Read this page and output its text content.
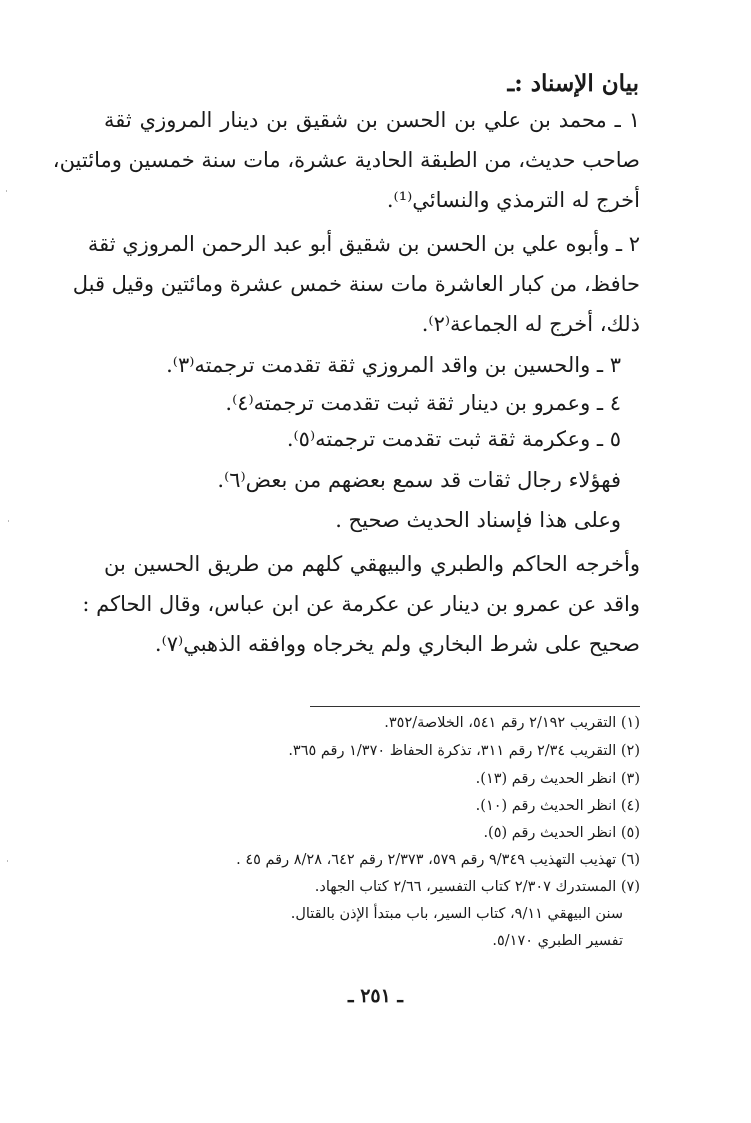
بيان الإسناد :ـ
١ ـ محمد بن علي بن الحسن بن شقيق بن دينار المروزي ثقة
صاحب حديث، من الطبقة الحادية عشرة، مات سنة خمسين ومائتين،
أخرج له الترمذي والنسائي⁽¹⁾.
٢ ـ وأبوه علي بن الحسن بن شقيق أبو عبد الرحمن المروزي ثقة
حافظ، من كبار العاشرة مات سنة خمس عشرة ومائتين وقيل قبل
ذلك، أخرج له الجماعة⁽٢⁾.
٣ ـ والحسين بن واقد المروزي ثقة تقدمت ترجمته⁽٣⁾.
٤ ـ وعمرو بن دينار ثقة ثبت تقدمت ترجمته⁽٤⁾.
٥ ـ وعكرمة ثقة ثبت تقدمت ترجمته⁽٥⁾.
فهؤلاء رجال ثقات قد سمع بعضهم من بعض⁽٦⁾.
وعلى هذا فإسناد الحديث صحيح .
وأخرجه الحاكم والطبري والبيهقي كلهم من طريق الحسين بن
واقد عن عمرو بن دينار عن عكرمة عن ابن عباس، وقال الحاكم :
صحيح على شرط البخاري ولم يخرجاه ووافقه الذهبي⁽٧⁾.
(١) التقريب ٢/١٩٢ رقم ٥٤١، الخلاصة/٣٥٢.
(٢) التقريب ٢/٣٤ رقم ٣١١، تذكرة الحفاظ ١/٣٧٠ رقم ٣٦٥.
(٣) انظر الحديث رقم (١٣).
(٤) انظر الحديث رقم (١٠).
(٥) انظر الحديث رقم (٥).
(٦) تهذيب التهذيب ٩/٣٤٩ رقم ٥٧٩، ٢/٣٧٣ رقم ٦٤٢، ٨/٢٨ رقم ٤٥ .
(٧) المستدرك ٢/٣٠٧ كتاب التفسير، ٢/٦٦ كتاب الجهاد.
سنن البيهقي ٩/١١، كتاب السير، باب مبتدأ الإذن بالقتال.
تفسير الطبري ٥/١٧٠.
ـ ٢٥١ ـ
